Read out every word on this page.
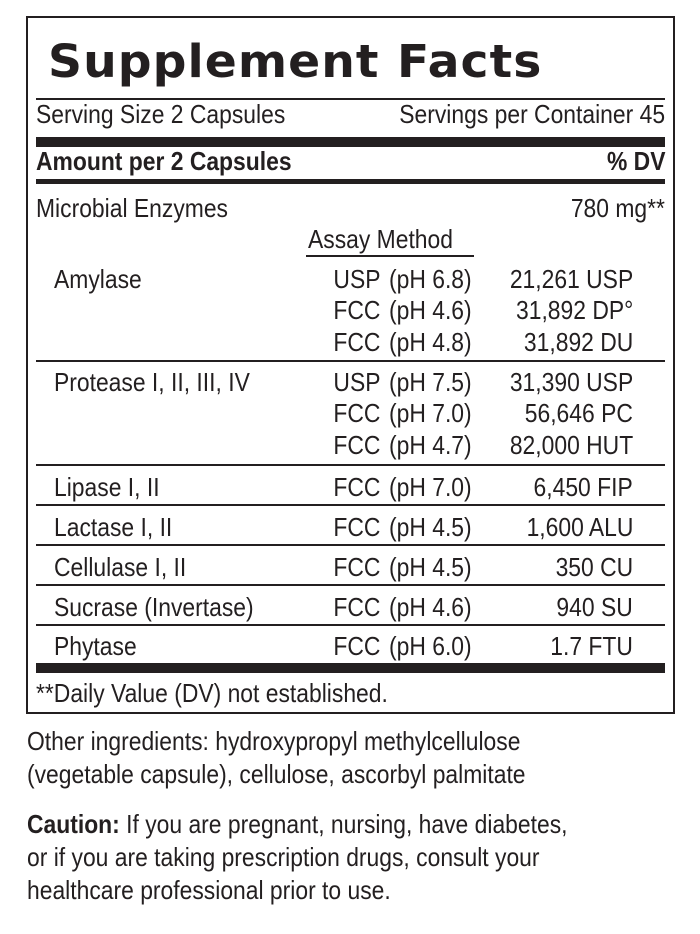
Supplement Facts
Serving Size 2 Capsules	Servings per Container 45
Amount per 2 Capsules	% DV
Microbial Enzymes	780 mg**
Assay Method
Amylase	USP (pH 6.8) 21,261 USP
FCC (pH 4.6) 31,892 DP°
FCC (pH 4.8) 31,892 DU
Protease I, II, III, IV	USP (pH 7.5) 31,390 USP
FCC (pH 7.0) 56,646 PC
FCC (pH 4.7) 82,000 HUT
Lipase I, II	FCC (pH 7.0) 6,450 FIP
Lactase I, II	FCC (pH 4.5) 1,600 ALU
Cellulase I, II	FCC (pH 4.5)	350 CU
Sucrase (Invertase)	FCC (pH 4.6)	940 SU
Phytase	FCC (pH 6.0)	1.7 FTU
**Daily Value (DV) not established.
Other ingredients: hydroxypropyl methylcellulose
(vegetable capsule), cellulose, ascorbyl palmitate
Caution: If you are pregnant, nursing, have diabetes,
or if you are taking prescription drugs, consult your
healthcare professional prior to use.
